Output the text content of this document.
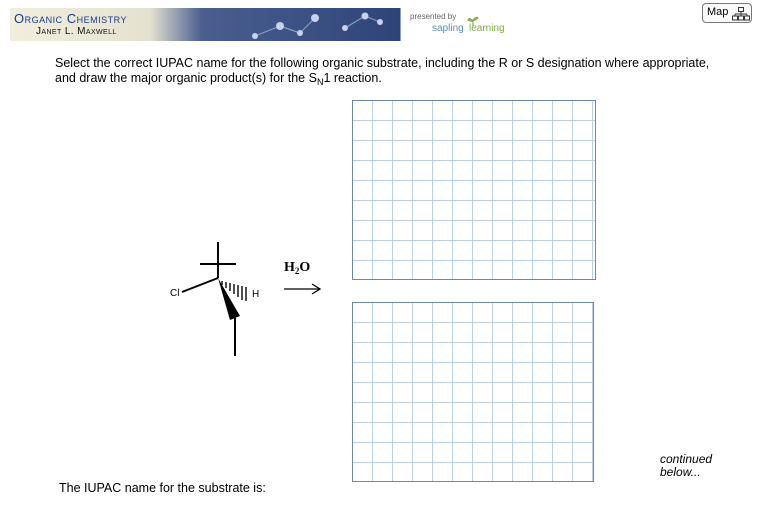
Organic Chemistry
Janet L. Maxwell
presented by
sapling learning
Map
Select the correct IUPAC name for the following organic substrate, including the R or S designation where appropriate, and draw the major organic product(s) for the $S_N1$ reaction.
Cl	H
$H_2O$
continued
below...
The IUPAC name for the substrate is:
